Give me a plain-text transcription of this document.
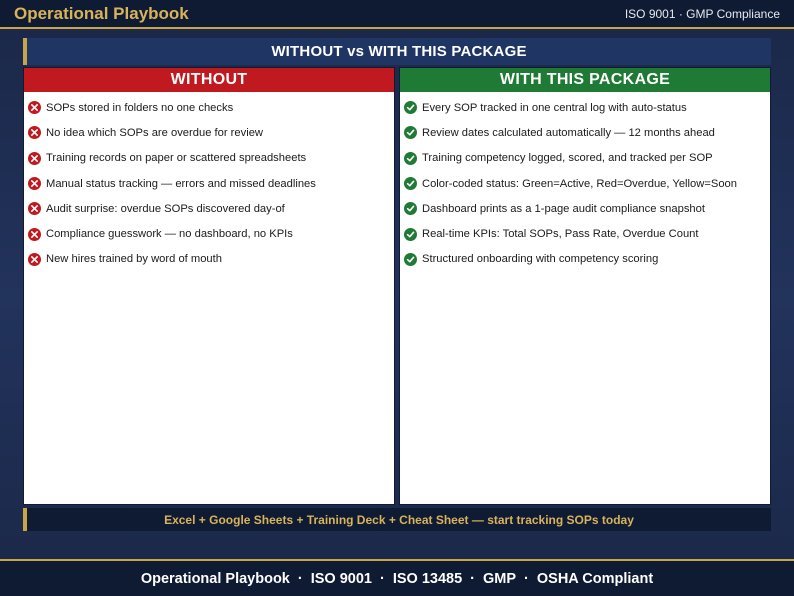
Operational Playbook	ISO 9001 · GMP Compliance
WITHOUT vs WITH THIS PACKAGE
WITHOUT
SOPs stored in folders no one checks
No idea which SOPs are overdue for review
Training records on paper or scattered spreadsheets
Manual status tracking — errors and missed deadlines
Audit surprise: overdue SOPs discovered day-of
Compliance guesswork — no dashboard, no KPIs
New hires trained by word of mouth
WITH THIS PACKAGE
Every SOP tracked in one central log with auto-status
Review dates calculated automatically — 12 months ahead
Training competency logged, scored, and tracked per SOP
Color-coded status: Green=Active, Red=Overdue, Yellow=Soon
Dashboard prints as a 1-page audit compliance snapshot
Real-time KPIs: Total SOPs, Pass Rate, Overdue Count
Structured onboarding with competency scoring
Excel + Google Sheets + Training Deck + Cheat Sheet — start tracking SOPs today
Operational Playbook · ISO 9001 · ISO 13485 · GMP · OSHA Compliant
